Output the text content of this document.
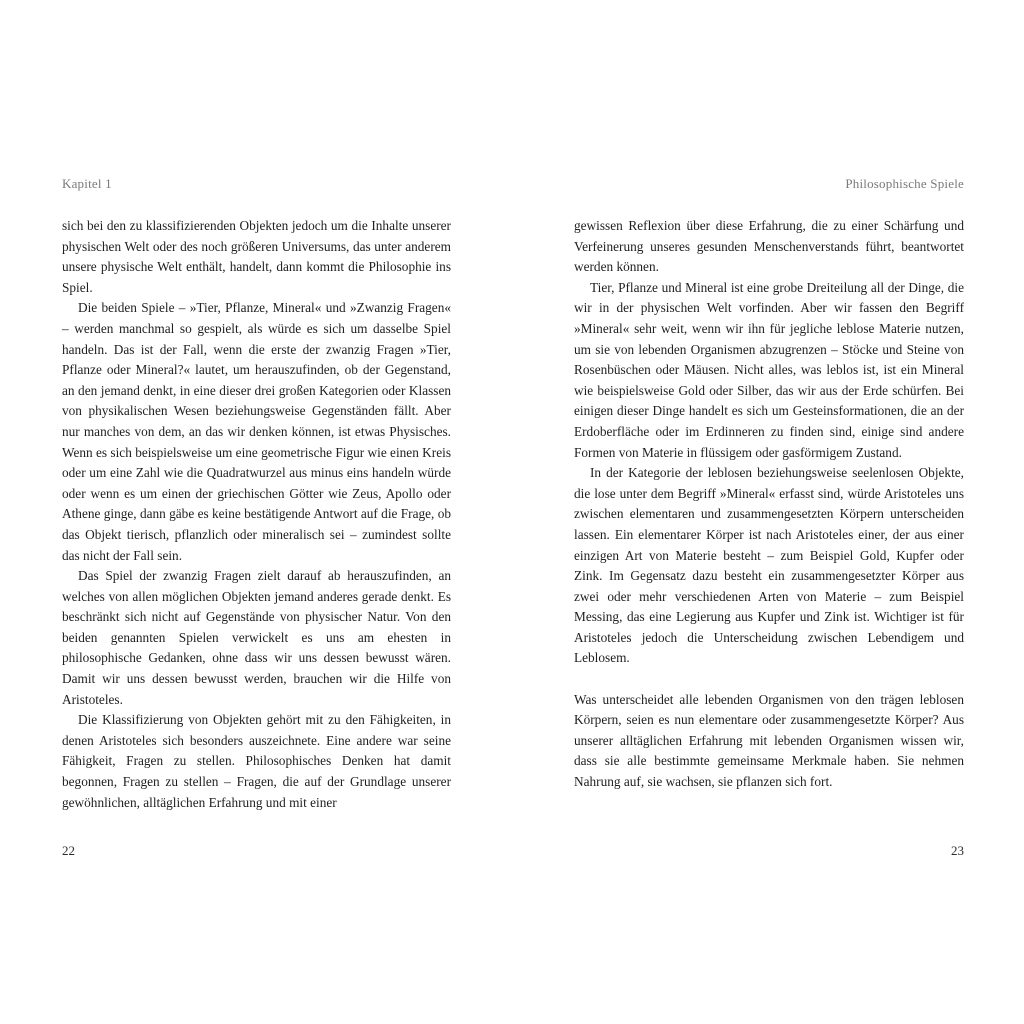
Kapitel 1

sich bei den zu klassifizierenden Objekten jedoch um die Inhalte unserer physischen Welt oder des noch größeren Universums, das unter anderem unsere physische Welt enthält, handelt, dann kommt die Philosophie ins Spiel.

Die beiden Spiele – »Tier, Pflanze, Mineral« und »Zwanzig Fragen« – werden manchmal so gespielt, als würde es sich um dasselbe Spiel handeln. Das ist der Fall, wenn die erste der zwanzig Fragen »Tier, Pflanze oder Mineral?« lautet, um herauszufinden, ob der Gegenstand, an den jemand denkt, in eine dieser drei großen Kategorien oder Klassen von physikalischen Wesen beziehungsweise Gegenständen fällt. Aber nur manches von dem, an das wir denken können, ist etwas Physisches. Wenn es sich beispielsweise um eine geometrische Figur wie einen Kreis oder um eine Zahl wie die Quadratwurzel aus minus eins handeln würde oder wenn es um einen der griechischen Götter wie Zeus, Apollo oder Athene ginge, dann gäbe es keine bestätigende Antwort auf die Frage, ob das Objekt tierisch, pflanzlich oder mineralisch sei – zumindest sollte das nicht der Fall sein.

Das Spiel der zwanzig Fragen zielt darauf ab herauszufinden, an welches von allen möglichen Objekten jemand anderes gerade denkt. Es beschränkt sich nicht auf Gegenstände von physischer Natur. Von den beiden genannten Spielen verwickelt es uns am ehesten in philosophische Gedanken, ohne dass wir uns dessen bewusst wären. Damit wir uns dessen bewusst werden, brauchen wir die Hilfe von Aristoteles.

Die Klassifizierung von Objekten gehört mit zu den Fähigkeiten, in denen Aristoteles sich besonders auszeichnete. Eine andere war seine Fähigkeit, Fragen zu stellen. Philosophisches Denken hat damit begonnen, Fragen zu stellen – Fragen, die auf der Grundlage unserer gewöhnlichen, alltäglichen Erfahrung und mit einer

22
Philosophische Spiele

gewissen Reflexion über diese Erfahrung, die zu einer Schärfung und Verfeinerung unseres gesunden Menschenverstands führt, beantwortet werden können.

Tier, Pflanze und Mineral ist eine grobe Dreiteilung all der Dinge, die wir in der physischen Welt vorfinden. Aber wir fassen den Begriff »Mineral« sehr weit, wenn wir ihn für jegliche leblose Materie nutzen, um sie von lebenden Organismen abzugrenzen – Stöcke und Steine von Rosenbüschen oder Mäusen. Nicht alles, was leblos ist, ist ein Mineral wie beispielsweise Gold oder Silber, das wir aus der Erde schürfen. Bei einigen dieser Dinge handelt es sich um Gesteinsformationen, die an der Erdoberfläche oder im Erdinneren zu finden sind, einige sind andere Formen von Materie in flüssigem oder gasförmigem Zustand.

In der Kategorie der leblosen beziehungsweise seelenlosen Objekte, die lose unter dem Begriff »Mineral« erfasst sind, würde Aristoteles uns zwischen elementaren und zusammengesetzten Körpern unterscheiden lassen. Ein elementarer Körper ist nach Aristoteles einer, der aus einer einzigen Art von Materie besteht – zum Beispiel Gold, Kupfer oder Zink. Im Gegensatz dazu besteht ein zusammengesetzter Körper aus zwei oder mehr verschiedenen Arten von Materie – zum Beispiel Messing, das eine Legierung aus Kupfer und Zink ist. Wichtiger ist für Aristoteles jedoch die Unterscheidung zwischen Lebendigem und Leblosem.

Was unterscheidet alle lebenden Organismen von den trägen leblosen Körpern, seien es nun elementare oder zusammengesetzte Körper? Aus unserer alltäglichen Erfahrung mit lebenden Organismen wissen wir, dass sie alle bestimmte gemeinsame Merkmale haben. Sie nehmen Nahrung auf, sie wachsen, sie pflanzen sich fort.

23
